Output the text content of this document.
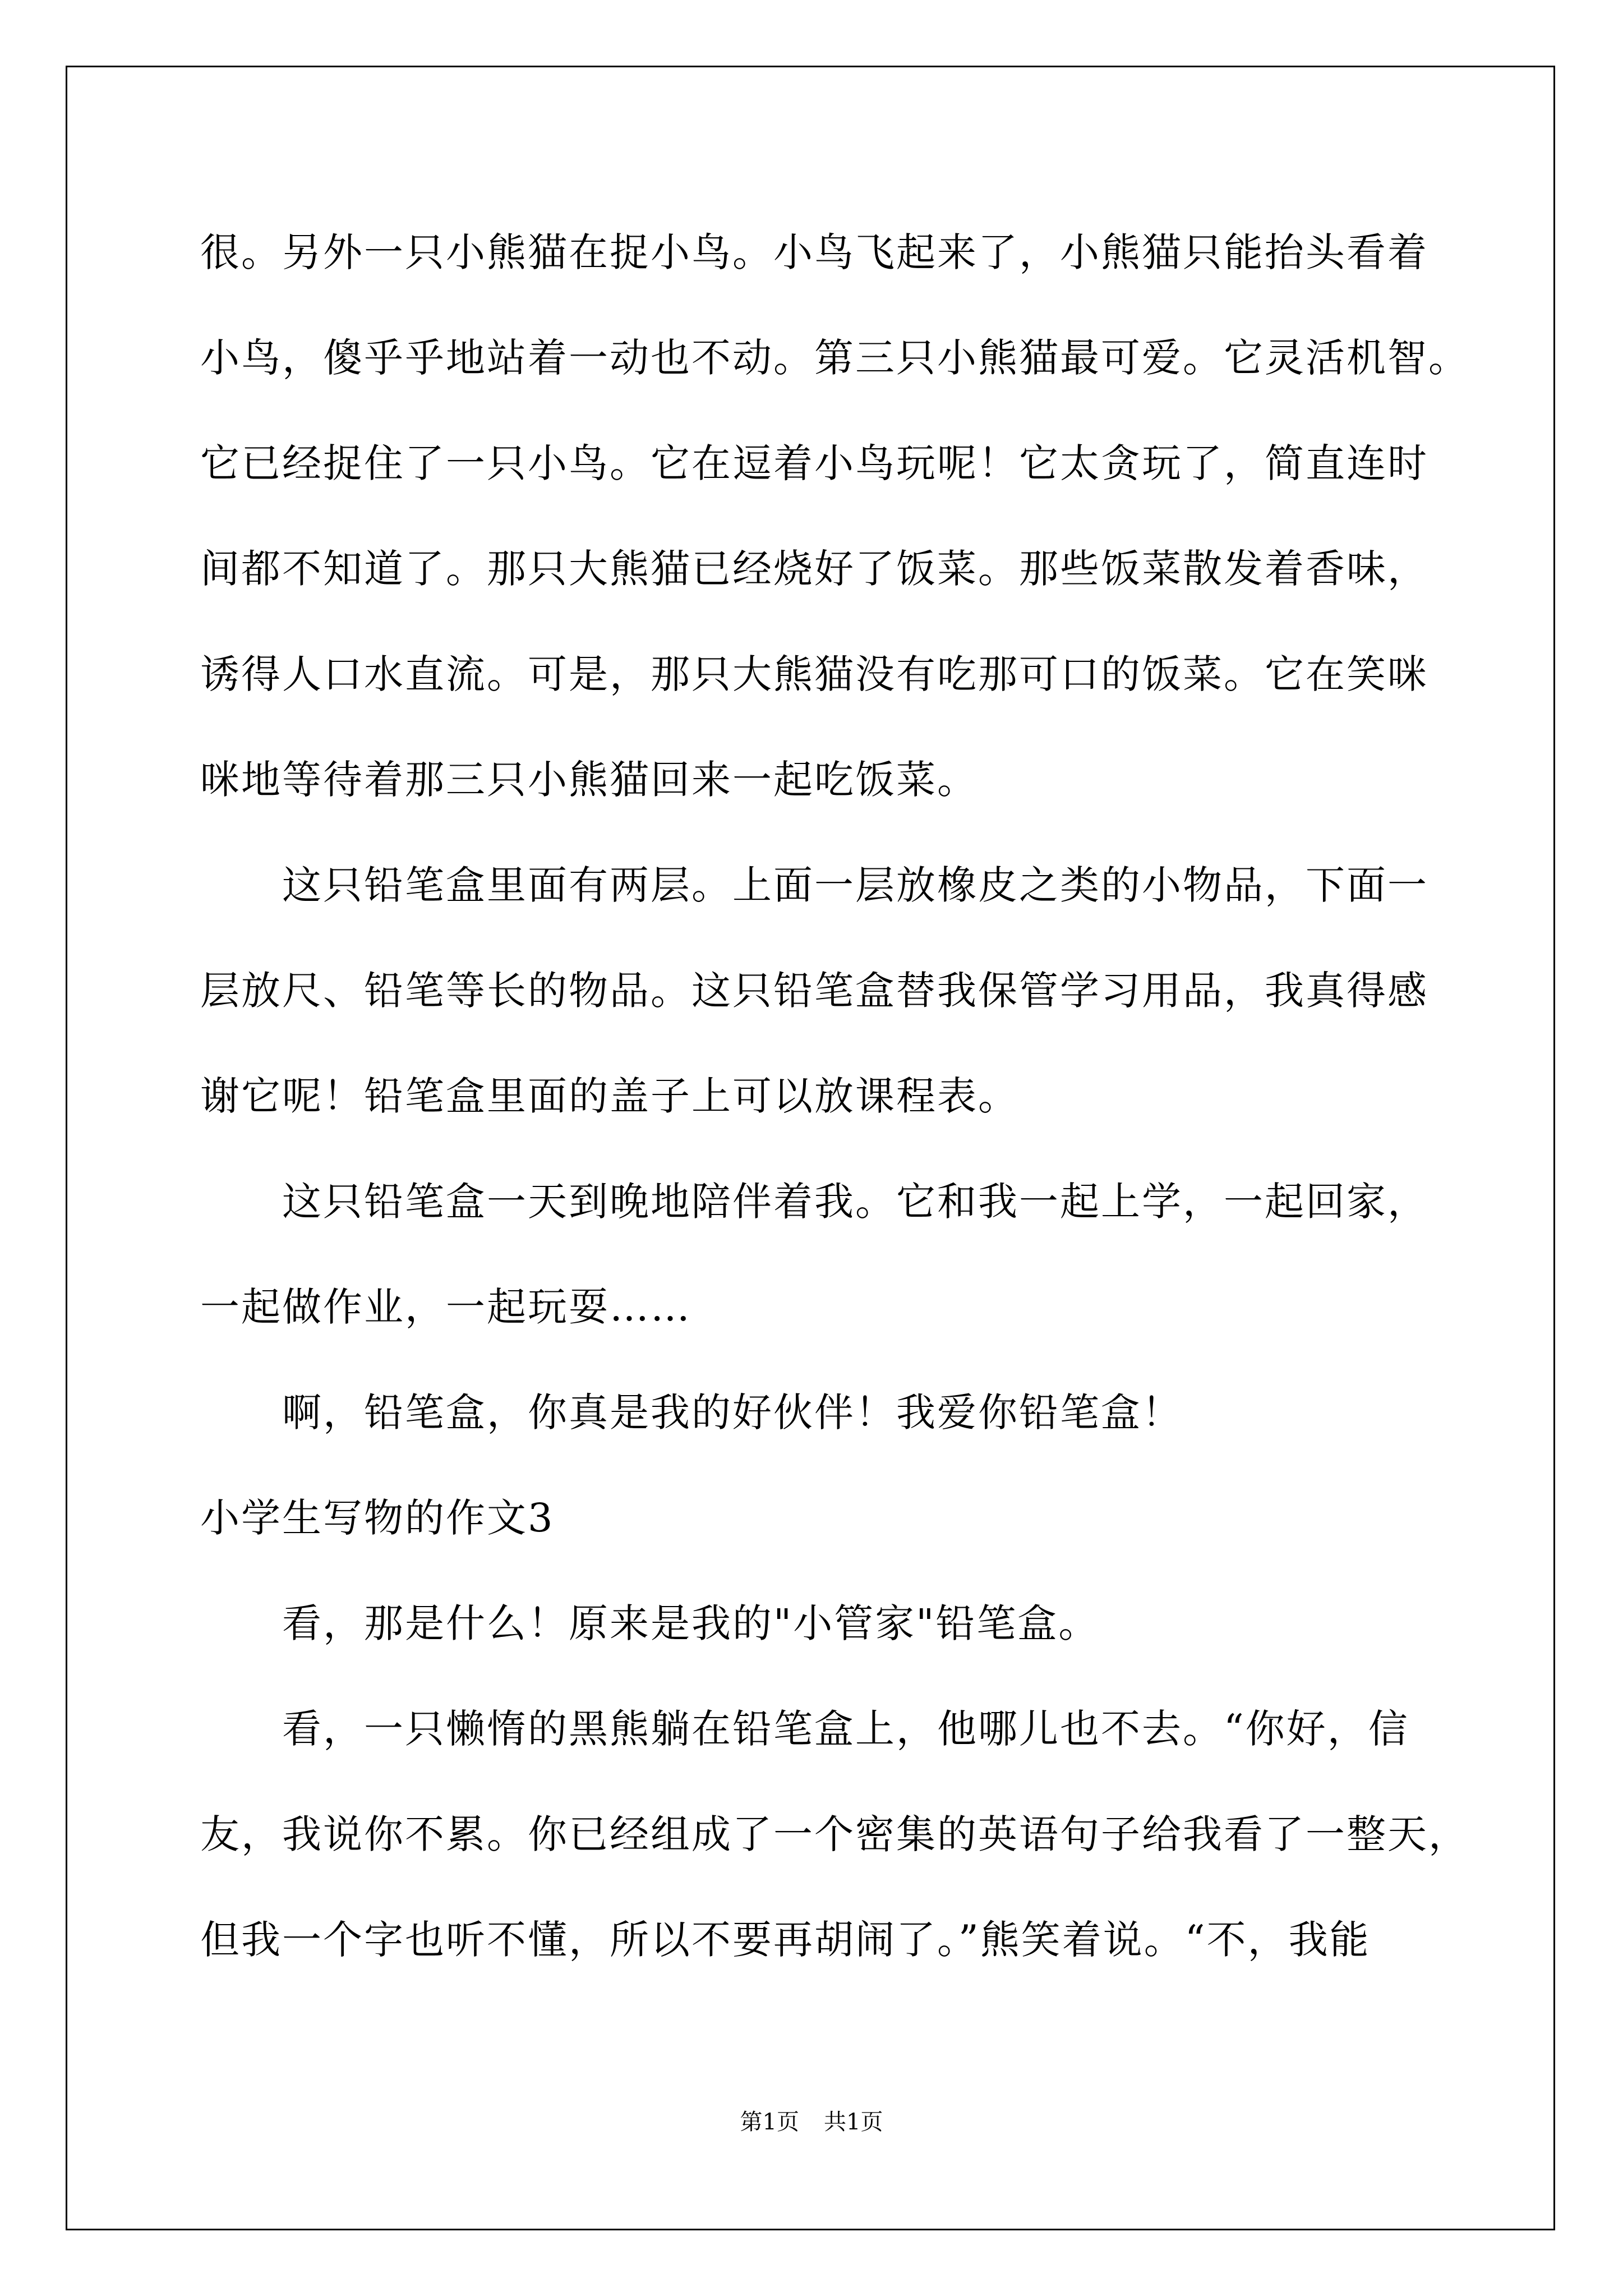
很。另外一只小熊猫在捉小鸟。小鸟飞起来了，小熊猫只能抬头看着
小鸟，傻乎乎地站着一动也不动。第三只小熊猫最可爱。它灵活机智。
它已经捉住了一只小鸟。它在逗着小鸟玩呢！它太贪玩了，简直连时
间都不知道了。那只大熊猫已经烧好了饭菜。那些饭菜散发着香味，
诱得人口水直流。可是，那只大熊猫没有吃那可口的饭菜。它在笑咪
咪地等待着那三只小熊猫回来一起吃饭菜。
这只铅笔盒里面有两层。上面一层放橡皮之类的小物品，下面一
层放尺、铅笔等长的物品。这只铅笔盒替我保管学习用品，我真得感
谢它呢！铅笔盒里面的盖子上可以放课程表。
这只铅笔盒一天到晚地陪伴着我。它和我一起上学，一起回家，
一起做作业，一起玩耍……
啊，铅笔盒，你真是我的好伙伴！我爱你铅笔盒！
小学生写物的作文3
看，那是什么！原来是我的"小管家"铅笔盒。
看，一只懒惰的黑熊躺在铅笔盒上，他哪儿也不去。“你好，信
友，我说你不累。你已经组成了一个密集的英语句子给我看了一整天，
但我一个字也听不懂，所以不要再胡闹了。”熊笑着说。“不，我能
第1页 共1页
